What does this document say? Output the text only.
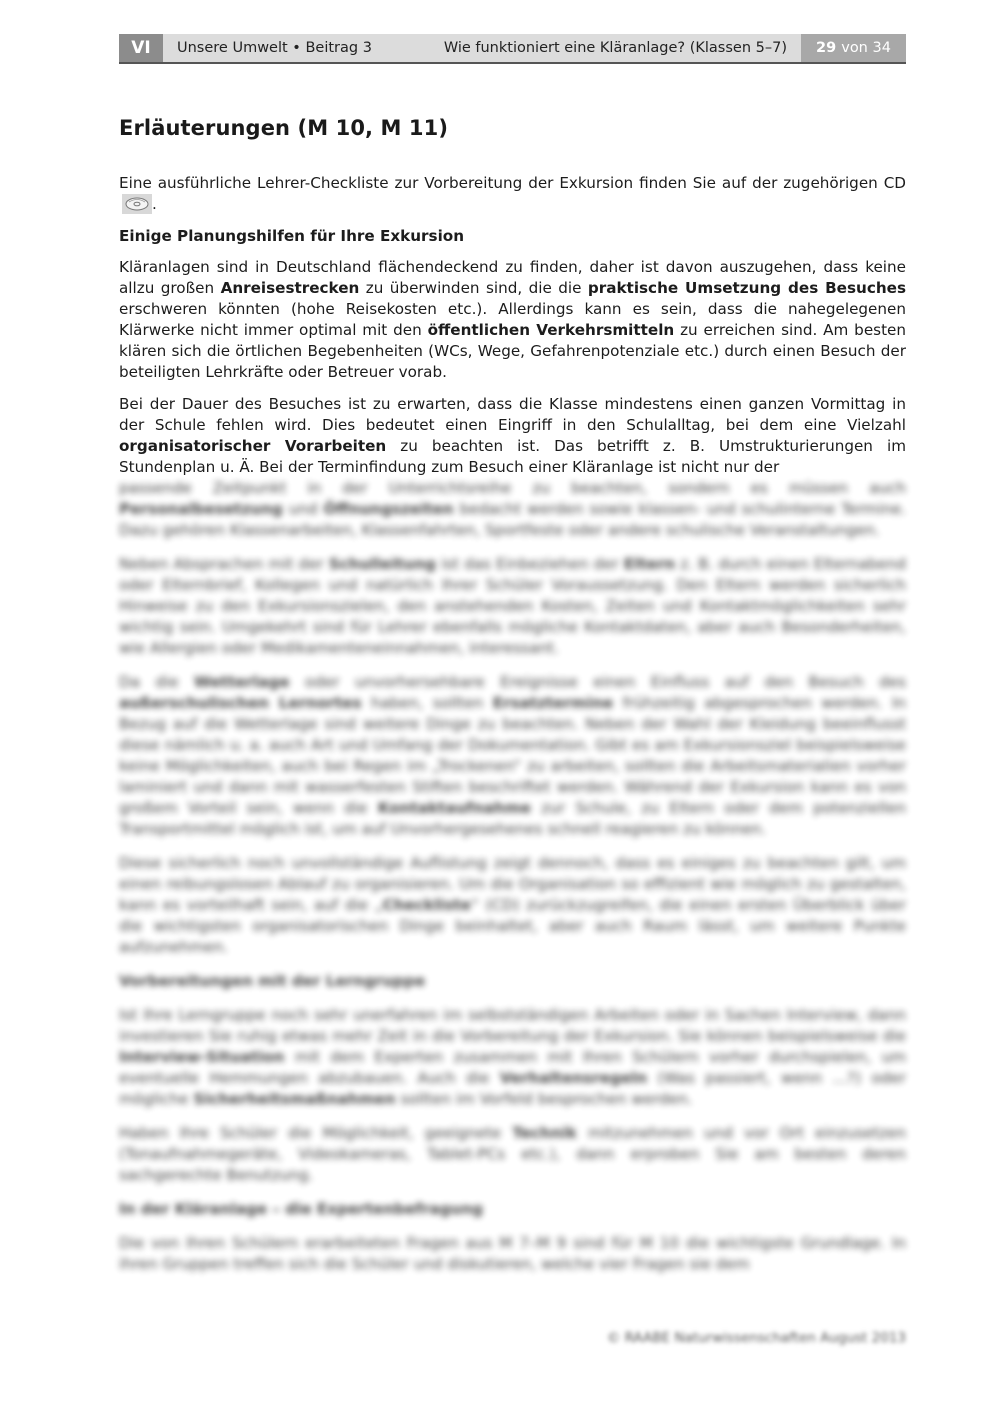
VI	Unsere Umwelt • Beitrag 3	Wie funktioniert eine Kläranlage? (Klassen 5–7)	29 von 34
Erläuterungen (M 10, M 11)

Eine ausführliche Lehrer-Checkliste zur Vorbereitung der Exkursion finden Sie auf der zugehörigen CD .

Einige Planungshilfen für Ihre Exkursion

Kläranlagen sind in Deutschland flächendeckend zu finden, daher ist davon auszugehen, dass keine allzu großen Anreisestrecken zu überwinden sind, die die praktische Umsetzung des Besuches erschweren könnten (hohe Reisekosten etc.). Allerdings kann es sein, dass die nahegelegenen Klärwerke nicht immer optimal mit den öffentlichen Verkehrsmitteln zu erreichen sind. Am besten klären sich die örtlichen Begebenheiten (WCs, Wege, Gefahrenpotenziale etc.) durch einen Besuch der beteiligten Lehrkräfte oder Betreuer vorab.

Bei der Dauer des Besuches ist zu erwarten, dass die Klasse mindestens einen ganzen Vormittag in der Schule fehlen wird. Dies bedeutet einen Eingriff in den Schulalltag, bei dem eine Vielzahl organisatorischer Vorarbeiten zu beachten ist. Das betrifft z. B. Umstrukturierungen im Stundenplan u. Ä. Bei der Terminfindung zum Besuch einer Kläranlage ist nicht nur der

passende Zeitpunkt in der Unterrichtsreihe zu beachten, sondern es müssen auch Personalbesetzung und Öffnungszeiten bedacht werden sowie klassen- und schulinterne Termine. Dazu gehören Klassenarbeiten, Klassenfahrten, Sportfeste oder andere schulische Veranstaltungen.

Neben Absprachen mit der Schulleitung ist das Einbeziehen der Eltern z. B. durch einen Elternabend oder Elternbrief, Kollegen und natürlich Ihrer Schüler Voraussetzung. Den Eltern werden sicherlich Hinweise zu den Exkursionszielen, den anstehenden Kosten, Zeiten und Kontaktmöglichkeiten sehr wichtig sein. Umgekehrt sind für Lehrer ebenfalls mögliche Kontaktdaten, aber auch Besonderheiten, wie Allergien oder Medikamenteneinnahmen, interessant.

Da die Wetterlage oder unvorhersehbare Ereignisse einen Einfluss auf den Besuch des außerschulischen Lernortes haben, sollten Ersatztermine frühzeitig abgesprochen werden. In Bezug auf die Wetterlage sind weitere Dinge zu beachten. Neben der Wahl der Kleidung beeinflusst diese nämlich u. a. auch Art und Umfang der Dokumentation. Gibt es am Exkursionsziel beispielsweise keine Möglichkeiten, auch bei Regen im „Trockenen“ zu arbeiten, sollten die Arbeitsmaterialien vorher laminiert und dann mit wasserfesten Stiften beschriftet werden. Während der Exkursion kann es von großem Vorteil sein, wenn die Kontaktaufnahme zur Schule, zu Eltern oder dem potenziellen Transportmittel möglich ist, um auf Unvorhergesehenes schnell reagieren zu können.

Diese sicherlich noch unvollständige Auflistung zeigt dennoch, dass es einiges zu beachten gilt, um einen reibungslosen Ablauf zu organisieren. Um die Organisation so effizient wie möglich zu gestalten, kann es vorteilhaft sein, auf die „Checkliste“ (CD) zurückzugreifen, die einen ersten Überblick über die wichtigsten organisatorischen Dinge beinhaltet, aber auch Raum lässt, um weitere Punkte aufzunehmen.

Vorbereitungen mit der Lerngruppe

Ist Ihre Lerngruppe noch sehr unerfahren im selbstständigen Arbeiten oder in Sachen Interview, dann investieren Sie ruhig etwas mehr Zeit in die Vorbereitung der Exkursion. Sie können beispielsweise die Interview-Situation mit dem Experten zusammen mit Ihren Schülern vorher durchspielen, um eventuelle Hemmungen abzubauen. Auch die Verhaltensregeln (Was passiert, wenn ...?) oder mögliche Sicherheitsmaßnahmen sollten im Vorfeld besprochen werden.

Haben Ihre Schüler die Möglichkeit, geeignete Technik mitzunehmen und vor Ort einzusetzen (Tonaufnahmegeräte, Videokameras, Tablet-PCs etc.), dann erproben Sie am besten deren sachgerechte Benutzung.

In der Kläranlage – die Expertenbefragung

Die von Ihren Schülern erarbeiteten Fragen aus M 7–M 9 sind für M 10 die wichtigste Grundlage. In ihren Gruppen treffen sich die Schüler und diskutieren, welche vier Fragen sie dem

© RAABE Naturwissenschaften August 2013
